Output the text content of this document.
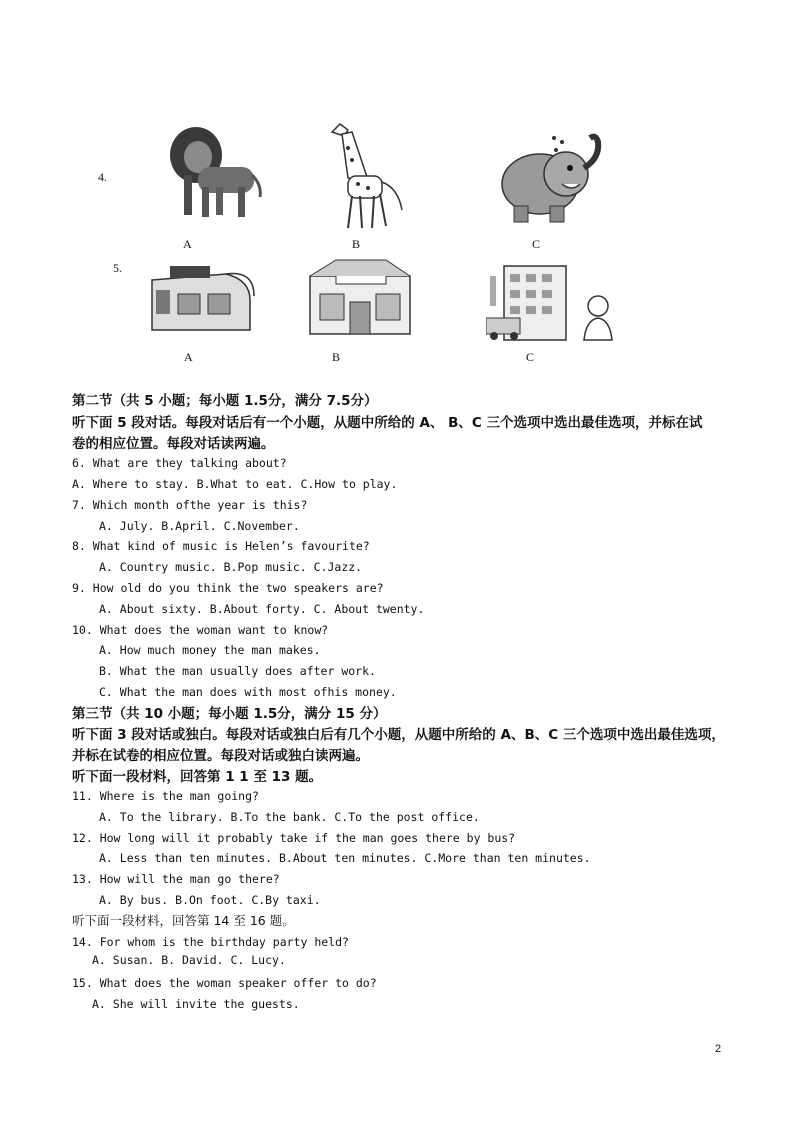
4.
A	B	C
5.
A	B	C
第二节（共 5 小题；每小题 1.5分，满分 7.5分）
听下面 5 段对话。每段对话后有一个小题，从题中所给的 A、 B、C 三个选项中选出最佳选项，并标在试
卷的相应位置。每段对话读两遍。
6. What are they talking about?
A. Where to stay. B.What to eat. C.How to play.
7. Which month ofthe year is this?
A. July. B.April. C.November.
8. What kind of music is Helen’s favourite?
A. Country music. B.Pop music. C.Jazz.
9. How old do you think the two speakers are?
A. About sixty. B.About forty. C. About twenty.
10. What does the woman want to know?
A. How much money the man makes.
B. What the man usually does after work.
C. What the man does with most ofhis money.
第三节（共 10 小题；每小题 1.5分，满分 15 分）
听下面 3 段对话或独白。每段对话或独白后有几个小题，从题中所给的 A、B、C 三个选项中选出最佳选项，
并标在试卷的相应位置。每段对话或独白读两遍。
听下面一段材料，回答第 1 1 至 13 题。
11. Where is the man going?
A. To the library. B.To the bank. C.To the post office.
12. How long will it probably take if the man goes there by bus?
A. Less than ten minutes. B.About ten minutes. C.More than ten minutes.
13. How will the man go there?
A. By bus. B.On foot. C.By taxi.
听下面一段材料，回答第 14 至 16 题。
14. For whom is the birthday party held?
A. Susan. B. David. C. Lucy.
15. What does the woman speaker offer to do?
A. She will invite the guests.
2
